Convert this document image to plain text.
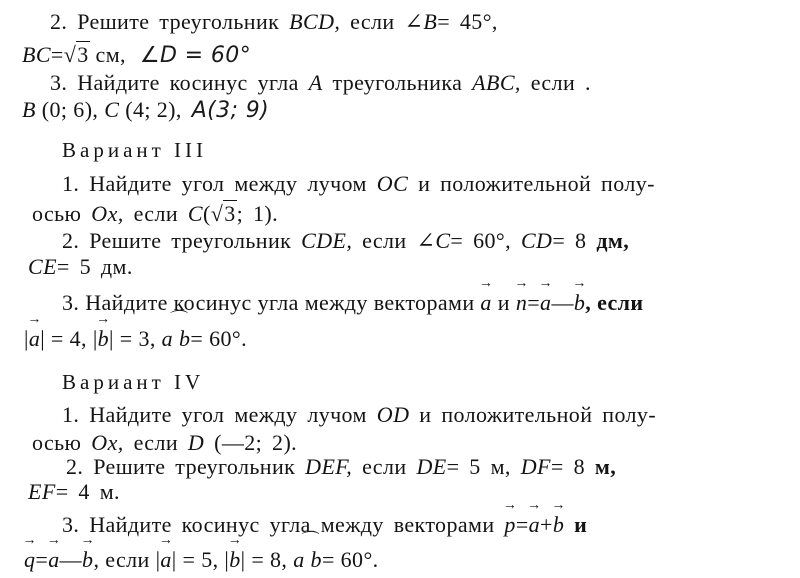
2. Решите треугольник BCD, если ∠B= 45°,
BC=√3 см, ∠D = 60°
3. Найдите косинус угла A треугольника ABC, если .
B (0; 6), C (4; 2), A(3; 9)
Вариант III
1. Найдите угол между лучом OC и положительной полу-
осью Ox, если C(√3; 1).
2. Решите треугольник CDE, если ∠C= 60°, CD= 8 дм,
CE= 5 дм.
3. Найдите косинус угла между векторами → a и → n=→ a—→ b, если
|→ a| = 4, |→ b| = 3, ⌒ a b= 60°.
Вариант IV
1. Найдите угол между лучом OD и положительной полу-
осью Ox, если D (—2; 2).
2. Решите треугольник DEF, если DE= 5 м, DF= 8 м,
EF= 4 м.
3. Найдите косинус угла между векторами → p=→ a+→ b и
→ q=→ a—→ b, если |→ a| = 5, |→ b| = 8, ⌒ a b= 60°.
